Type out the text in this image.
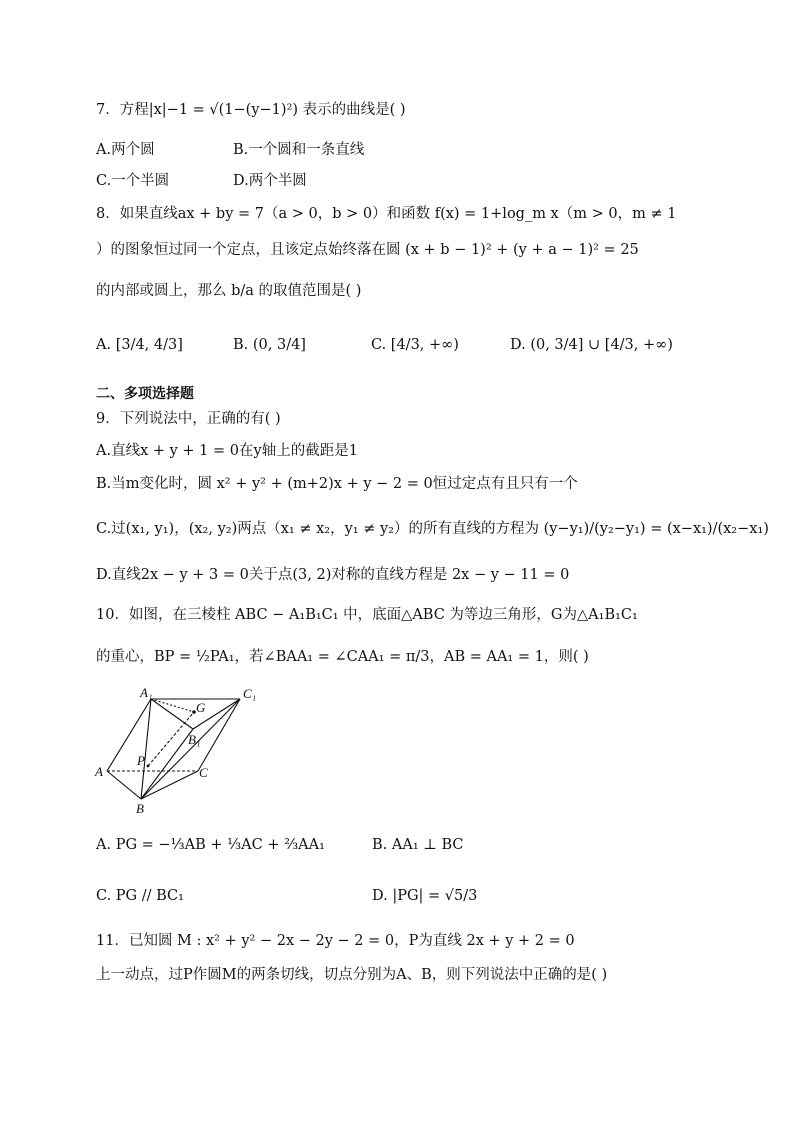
7．方程|x|−1 = √(1−(y−1)²) 表示的曲线是( )
A.两个圆	B.一个圆和一条直线
C.一个半圆	D.两个半圆
8．如果直线ax + by = 7（a > 0，b > 0）和函数 f(x) = 1+log_m x（m > 0，m ≠ 1
）的图象恒过同一个定点，且该定点始终落在圆 (x + b − 1)² + (y + a − 1)² = 25
的内部或圆上，那么 b/a 的取值范围是( )
A. [3/4, 4/3]	B. (0, 3/4]	C. [4/3, +∞)	D. (0, 3/4] ∪ [4/3, +∞)
二、多项选择题
9．下列说法中，正确的有( )
A.直线x + y + 1 = 0在y轴上的截距是1
B.当m变化时，圆 x² + y² + (m+2)x + y − 2 = 0恒过定点有且只有一个
C.过(x₁, y₁)，(x₂, y₂)两点（x₁ ≠ x₂，y₁ ≠ y₂）的所有直线的方程为 (y−y₁)/(y₂−y₁) = (x−x₁)/(x₂−x₁)
D.直线2x − y + 3 = 0关于点(3, 2)对称的直线方程是 2x − y − 11 = 0
10．如图，在三棱柱 ABC − A₁B₁C₁ 中，底面△ABC 为等边三角形，G为△A₁B₁C₁
的重心，BP = ½PA₁，若∠BAA₁ = ∠CAA₁ = π/3，AB = AA₁ = 1，则( )
A₁
G
C₁
B₁
P
A	C
B
A. PG = −⅓AB + ⅓AC + ⅔AA₁	B. AA₁ ⊥ BC
C. PG // BC₁	D. |PG| = √5/3
11．已知圆 M : x² + y² − 2x − 2y − 2 = 0，P为直线 2x + y + 2 = 0
上一动点，过P作圆M的两条切线，切点分别为A、B，则下列说法中正确的是( )
